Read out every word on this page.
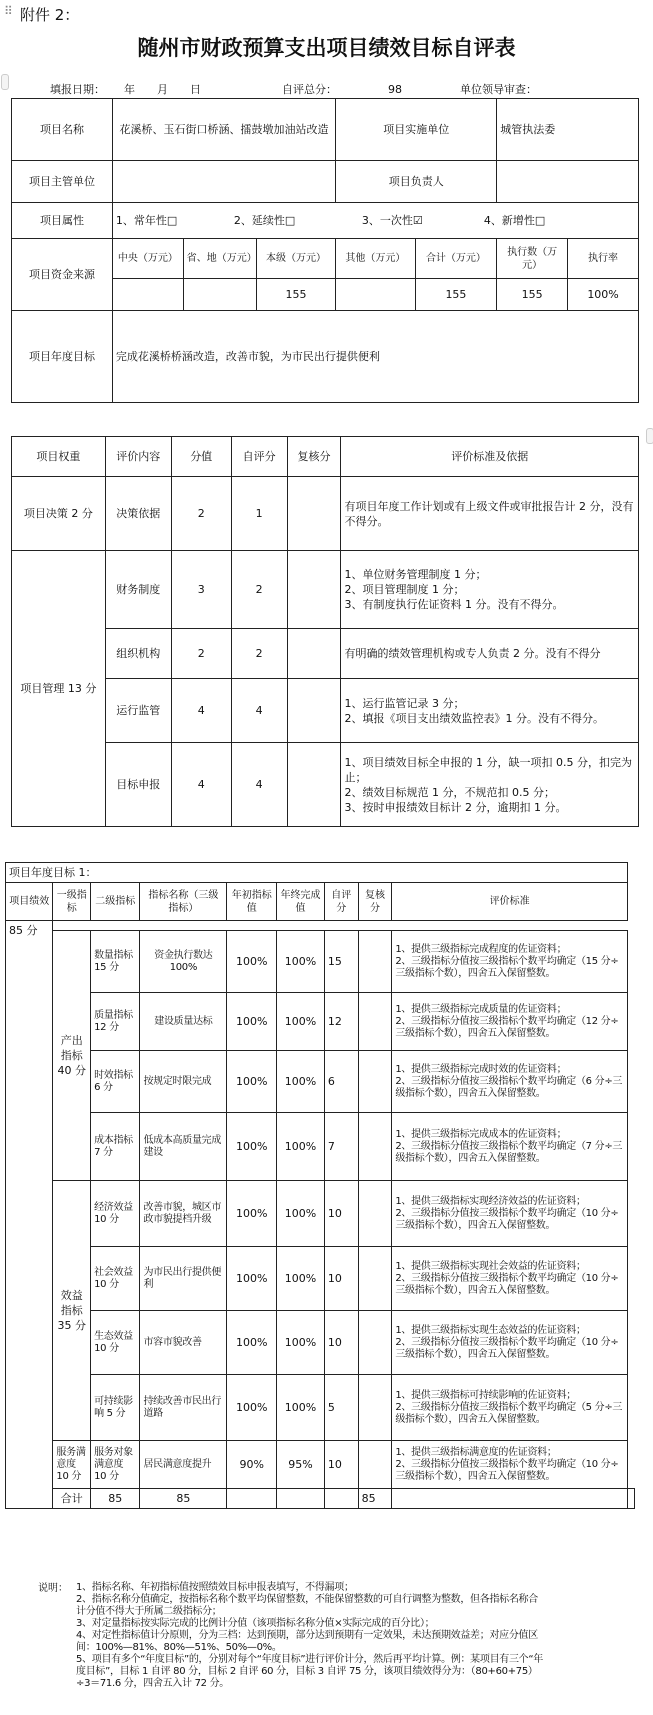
⠿ 附件 2：
随州市财政预算支出项目绩效目标自评表
填报日期： 年　　月　　日	自评总分：	98	单位领导审查：
项目名称	花溪桥、玉石街口桥涵、擂鼓墩加油站改造			项目实施单位		城管执法委	
项目主管单位				项目负责人			
项目属性	1、常年性□ 2、延续性□ 3、一次性☑ 4、新增性□						
项目资金来源	中央（万元）	省、地（万元）	本级（万元）	其他（万元）	合计（万元）	执行数（万元）	执行率
			155		155	155	100%
项目年度目标	完成花溪桥桥涵改造，改善市貌，为市民出行提供便利						
项目权重	评价内容	分值	自评分	复核分	评价标准及依据
项目决策 2 分	决策依据	2	1		有项目年度工作计划或有上级文件或审批报告计 2 分，没有不得分。
项目管理 13 分	财务制度	3	2		1、单位财务管理制度 1 分；
2、项目管理制度 1 分；
3、有制度执行佐证资料 1 分。没有不得分。

	组织机构	2	2		有明确的绩效管理机构或专人负责 2 分。没有不得分

	运行监管	4	4		1、运行监管记录 3 分；
2、填报《项目支出绩效监控表》1 分。没有不得分。

	目标申报	4	4		1、项目绩效目标全申报的 1 分，缺一项扣 0.5 分，扣完为止；
2、绩效目标规范 1 分，不规范扣 0.5 分；
3、按时申报绩效目标计 2 分，逾期扣 1 分。
项目年度目标 1：									
项目绩效	一级指标	二级指标	指标名称（三级指标）	年初指标值	年终完成值	自评分	复核分	评价标准	
85 分									
	产出指标 40 分	数量指标 15 分	资金执行数达 100%	100%	100%	15		1、提供三级指标完成程度的佐证资料；
2、三级指标分值按三级指标个数平均确定（15 分÷三级指标个数），四舍五入保留整数。	

		质量指标 12 分	建设质量达标	100%	100%	12		1、提供三级指标完成质量的佐证资料；
2、三级指标分值按三级指标个数平均确定（12 分÷三级指标个数），四舍五入保留整数。	

		时效指标 6 分	按规定时限完成	100%	100%	6		1、提供三级指标完成时效的佐证资料；
2、三级指标分值按三级指标个数平均确定（6 分÷三级指标个数），四舍五入保留整数。	

		成本指标 7 分	低成本高质量完成建设	100%	100%	7		1、提供三级指标完成成本的佐证资料；
2、三级指标分值按三级指标个数平均确定（7 分÷三级指标个数），四舍五入保留整数。	

	效益指标 35 分	经济效益 10 分	改善市貌，城区市政市貌提档升级	100%	100%	10		1、提供三级指标实现经济效益的佐证资料；
2、三级指标分值按三级指标个数平均确定（10 分÷三级指标个数），四舍五入保留整数。	

		社会效益 10 分	为市民出行提供便利	100%	100%	10		1、提供三级指标实现社会效益的佐证资料；
2、三级指标分值按三级指标个数平均确定（10 分÷三级指标个数），四舍五入保留整数。	

		生态效益 10 分	市容市貌改善	100%	100%	10		1、提供三级指标实现生态效益的佐证资料；
2、三级指标分值按三级指标个数平均确定（10 分÷三级指标个数），四舍五入保留整数。	

		可持续影响 5 分	持续改善市民出行道路	100%	100%	5		1、提供三级指标可持续影响的佐证资料；
2、三级指标分值按三级指标个数平均确定（5 分÷三级指标个数），四舍五入保留整数。	

	服务满意度 10 分	服务对象满意度 10 分	居民满意度提升	90%	95%	10		1、提供三级指标满意度的佐证资料；
2、三级指标分值按三级指标个数平均确定（10 分÷三级指标个数），四舍五入保留整数。	

	合计	85	85				85		
说明： 1、指标名称、年初指标值按照绩效目标申报表填写，不得漏项；
2、指标名称分值确定，按指标名称个数平均保留整数，不能保留整数的可自行调整为整数，但各指标名称合计分值不得大于所属二级指标分；
3、对定量指标按实际完成的比例计分值（该项指标名称分值×实际完成的百分比）；
4、对定性指标值计分原则，分为三档：达到预期，部分达到预期有一定效果，未达预期效益差；对应分值区间：100%—81%、80%—51%、50%—0%。
5、项目有多个“年度目标”的，分别对每个“年度目标”进行评价计分，然后再平均计算。例：某项目有三个“年度目标”，目标 1 自评 80 分，目标 2 自评 60 分，目标 3 自评 75 分，该项目绩效得分为：（80+60+75）÷3＝71.6 分，四舍五入计 72 分。
